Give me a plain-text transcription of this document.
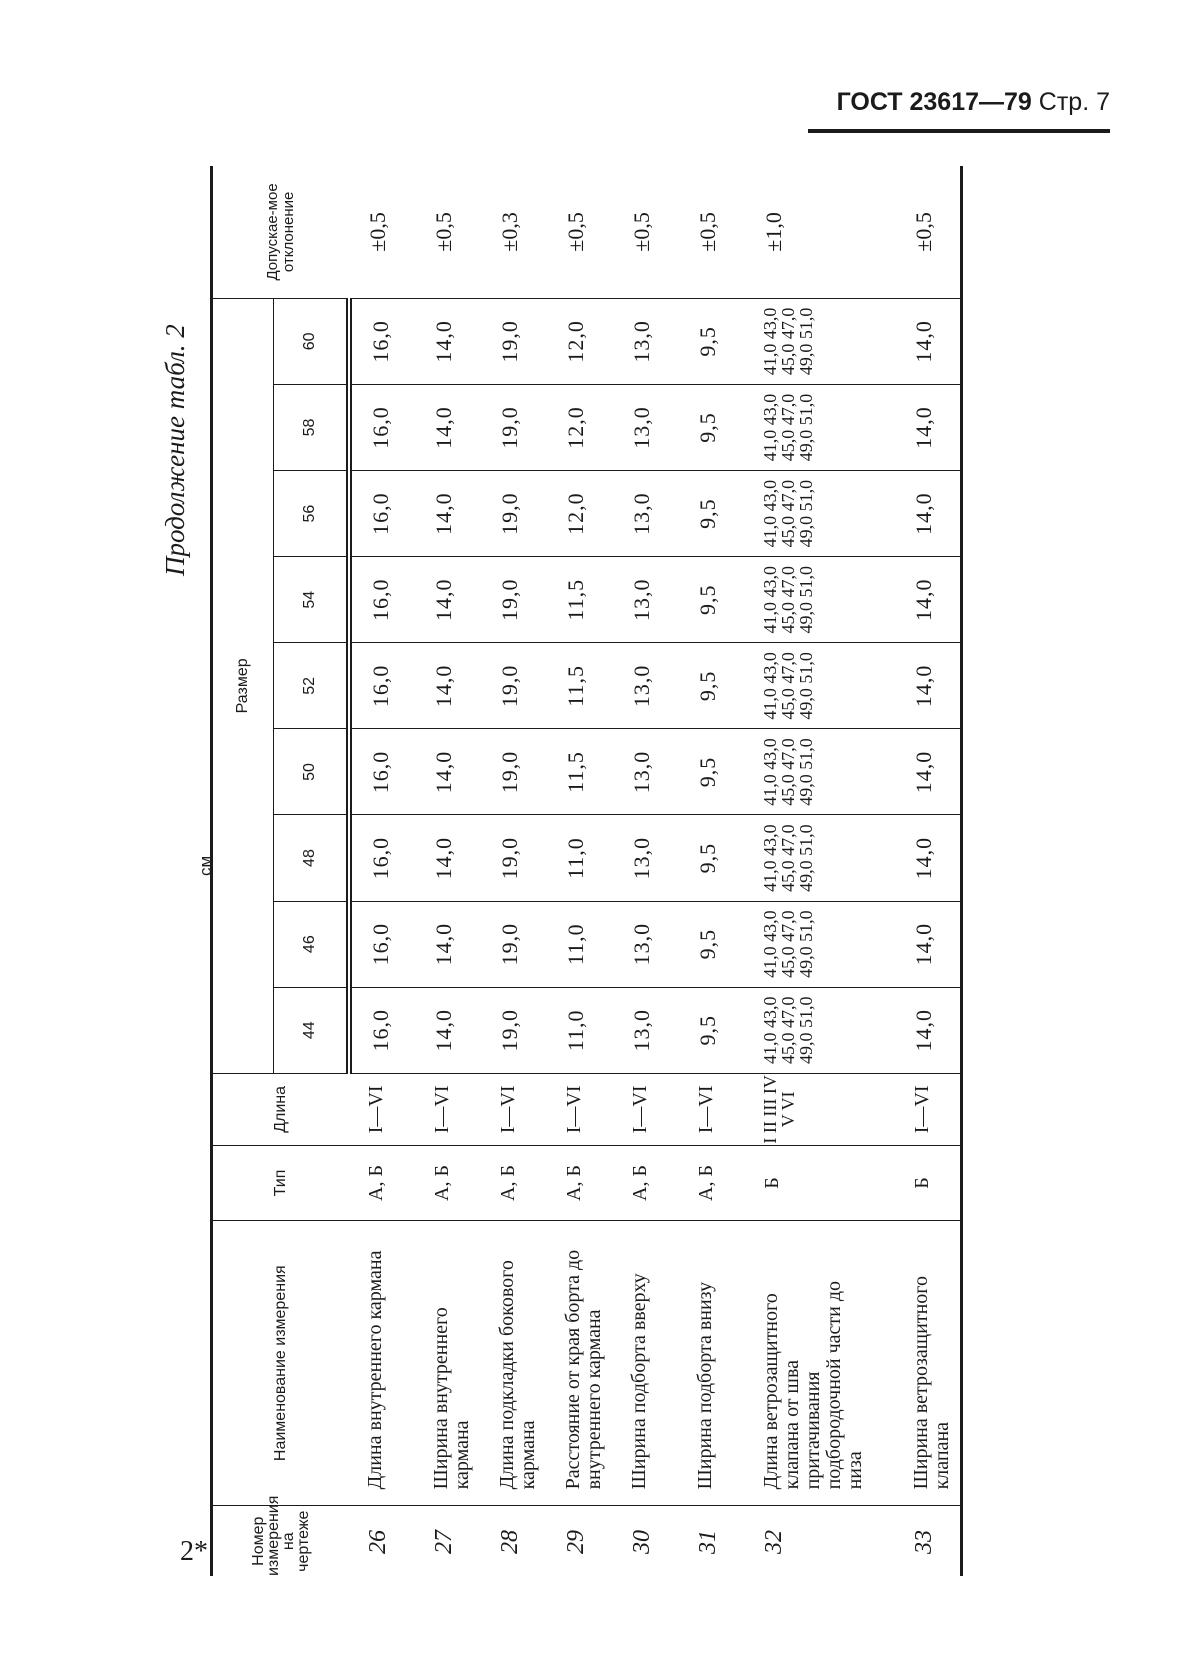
ГОСТ 23617—79 Стр. 7
2*
Продолжение табл. 2
см
Номер измерения на чертеже	Наименование измерения	Тип	Длина	Размер									Допускае-мое отклонение
				44	46	48	50	52	54	56	58	60	
26	Длина внутреннего кармана	А, Б	I—VI	16,0	16,0	16,0	16,0	16,0	16,0	16,0	16,0	16,0	±0,5
27	Ширина внутреннего кармана	А, Б	I—VI	14,0	14,0	14,0	14,0	14,0	14,0	14,0	14,0	14,0	±0,5
28	Длина подкладки бокового кармана	А, Б	I—VI	19,0	19,0	19,0	19,0	19,0	19,0	19,0	19,0	19,0	±0,3
29	Расстояние от края борта до внутреннего кармана	А, Б	I—VI	11,0	11,0	11,0	11,5	11,5	11,5	12,0	12,0	12,0	±0,5
30	Ширина подборта вверху	А, Б	I—VI	13,0	13,0	13,0	13,0	13,0	13,0	13,0	13,0	13,0	±0,5
31	Ширина подборта внизу	А, Б	I—VI	9,5	9,5	9,5	9,5	9,5	9,5	9,5	9,5	9,5	±0,5
32	Длина ветрозащитного клапана от шва притачивания подбородочной части до низа	Б	I II III IV V VI	41,0 43,0 45,0 47,0 49,0 51,0	41,0 43,0 45,0 47,0 49,0 51,0	41,0 43,0 45,0 47,0 49,0 51,0	41,0 43,0 45,0 47,0 49,0 51,0	41,0 43,0 45,0 47,0 49,0 51,0	41,0 43,0 45,0 47,0 49,0 51,0	41,0 43,0 45,0 47,0 49,0 51,0	41,0 43,0 45,0 47,0 49,0 51,0	41,0 43,0 45,0 47,0 49,0 51,0	±1,0
33	Ширина ветрозащитного клапана	Б	I—VI	14,0	14,0	14,0	14,0	14,0	14,0	14,0	14,0	14,0	±0,5
